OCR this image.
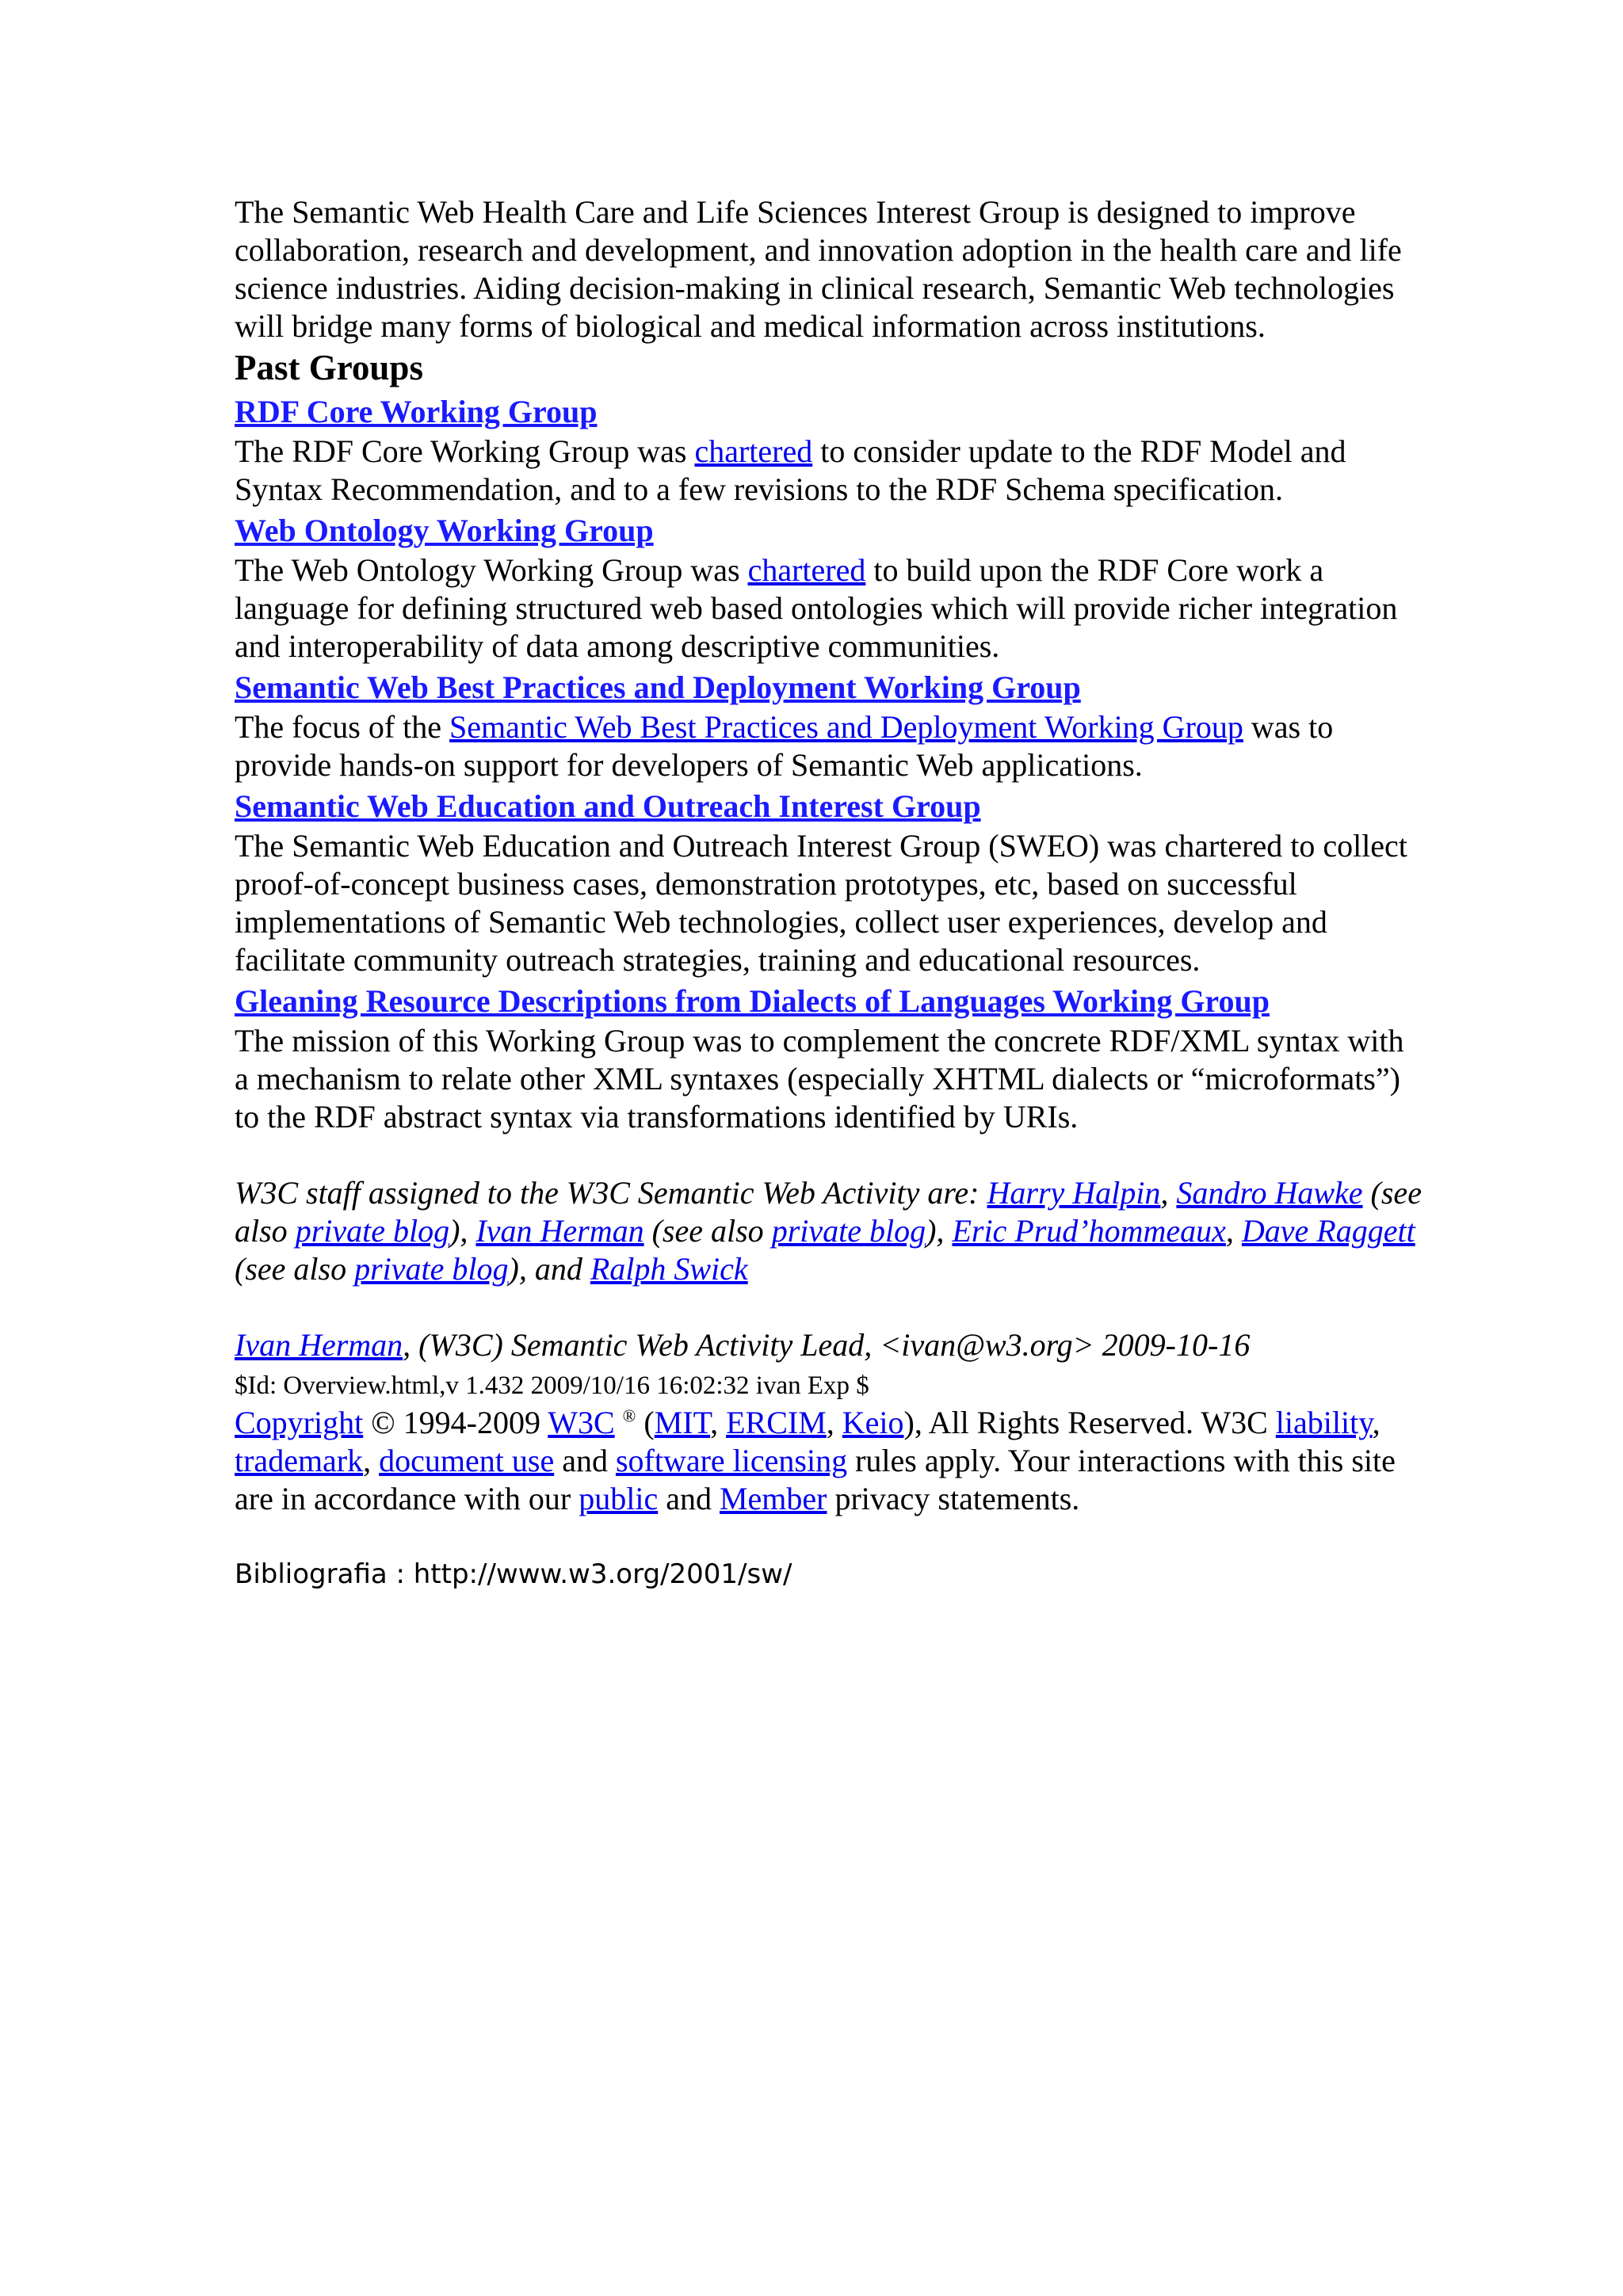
The Semantic Web Health Care and Life Sciences Interest Group is designed to improve collaboration, research and development, and innovation adoption in the health care and life science industries. Aiding decision-making in clinical research, Semantic Web technologies will bridge many forms of biological and medical information across institutions.

Past Groups

RDF Core Working Group

The RDF Core Working Group was chartered to consider update to the RDF Model and Syntax Recommendation, and to a few revisions to the RDF Schema specification.

Web Ontology Working Group

The Web Ontology Working Group was chartered to build upon the RDF Core work a language for defining structured web based ontologies which will provide richer integration and interoperability of data among descriptive communities.

Semantic Web Best Practices and Deployment Working Group

The focus of the Semantic Web Best Practices and Deployment Working Group was to provide hands-on support for developers of Semantic Web applications.

Semantic Web Education and Outreach Interest Group

The Semantic Web Education and Outreach Interest Group (SWEO) was chartered to collect proof-of-concept business cases, demonstration prototypes, etc, based on successful implementations of Semantic Web technologies, collect user experiences, develop and facilitate community outreach strategies, training and educational resources.

Gleaning Resource Descriptions from Dialects of Languages Working Group

The mission of this Working Group was to complement the concrete RDF/XML syntax with a mechanism to relate other XML syntaxes (especially XHTML dialects or “microformats”) to the RDF abstract syntax via transformations identified by URIs.

W3C staff assigned to the W3C Semantic Web Activity are: Harry Halpin, Sandro Hawke (see also private blog), Ivan Herman (see also private blog), Eric Prud’hommeaux, Dave Raggett (see also private blog), and Ralph Swick

Ivan Herman, (W3C) Semantic Web Activity Lead, <ivan@w3.org> 2009-10-16

$Id: Overview.html,v 1.432 2009/10/16 16:02:32 ivan Exp $

Copyright © 1994-2009 W3C ® (MIT, ERCIM, Keio), All Rights Reserved. W3C liability, trademark, document use and software licensing rules apply. Your interactions with this site are in accordance with our public and Member privacy statements.

Bibliografia : http://www.w3.org/2001/sw/
